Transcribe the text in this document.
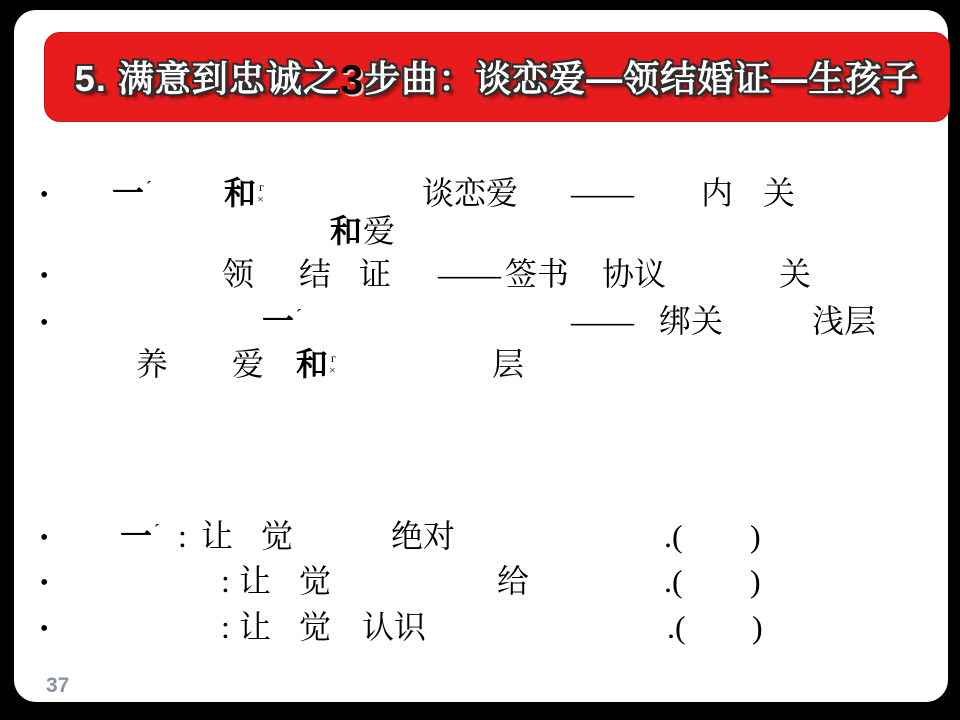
5. 满意到忠诚之3步曲：谈恋爱—领结婚证—生孩子
37
• 一 ˊ 和 г
×	谈恋爱 —— 内 关
和 爱
•	领 结 证 —— 签书 协议	关
•	一 ˊ	—— 绑关	浅层
养 爱 和 г
×	层
• 一 ˊ : 让 觉	绝对	.( )
•	: 让 觉	给	.( )
•	: 让 觉 认识	.( )
